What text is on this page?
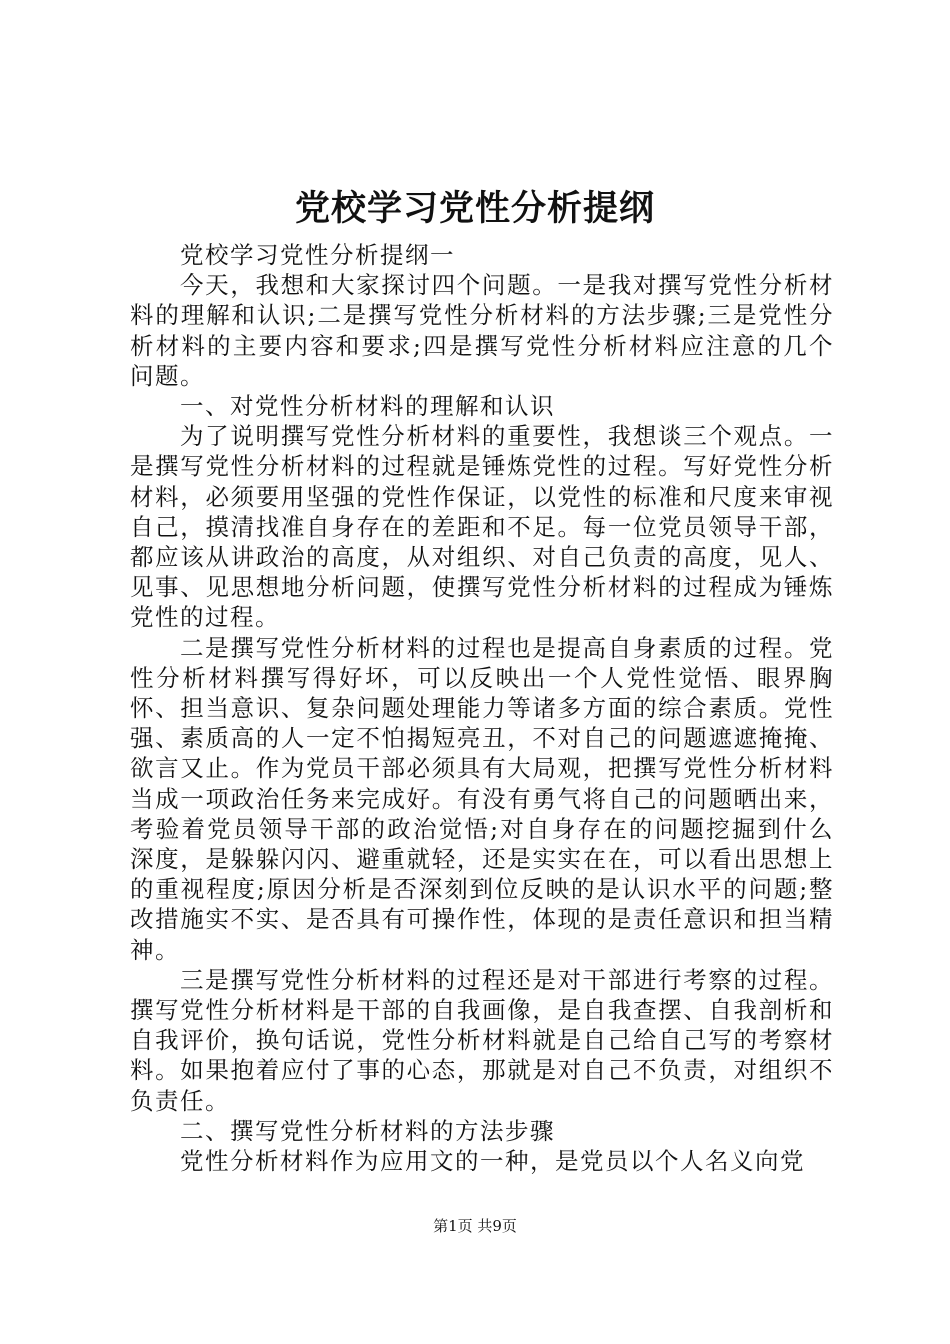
党校学习党性分析提纲

党校学习党性分析提纲一

今天，我想和大家探讨四个问题。一是我对撰写党性分析材料的理解和认识;二是撰写党性分析材料的方法步骤;三是党性分析材料的主要内容和要求;四是撰写党性分析材料应注意的几个问题。

一、对党性分析材料的理解和认识

为了说明撰写党性分析材料的重要性，我想谈三个观点。一是撰写党性分析材料的过程就是锤炼党性的过程。写好党性分析材料，必须要用坚强的党性作保证，以党性的标准和尺度来审视自己，摸清找准自身存在的差距和不足。每一位党员领导干部，都应该从讲政治的高度，从对组织、对自己负责的高度，见人、见事、见思想地分析问题，使撰写党性分析材料的过程成为锤炼党性的过程。

二是撰写党性分析材料的过程也是提高自身素质的过程。党性分析材料撰写得好坏，可以反映出一个人党性觉悟、眼界胸怀、担当意识、复杂问题处理能力等诸多方面的综合素质。党性强、素质高的人一定不怕揭短亮丑，不对自己的问题遮遮掩掩、欲言又止。作为党员干部必须具有大局观，把撰写党性分析材料当成一项政治任务来完成好。有没有勇气将自己的问题晒出来，考验着党员领导干部的政治觉悟;对自身存在的问题挖掘到什么深度，是躲躲闪闪、避重就轻，还是实实在在，可以看出思想上的重视程度;原因分析是否深刻到位反映的是认识水平的问题;整改措施实不实、是否具有可操作性，体现的是责任意识和担当精神。

三是撰写党性分析材料的过程还是对干部进行考察的过程。撰写党性分析材料是干部的自我画像，是自我查摆、自我剖析和自我评价，换句话说，党性分析材料就是自己给自己写的考察材料。如果抱着应付了事的心态，那就是对自己不负责，对组织不负责任。

二、撰写党性分析材料的方法步骤

党性分析材料作为应用文的一种，是党员以个人名义向党

第1页 共9页
